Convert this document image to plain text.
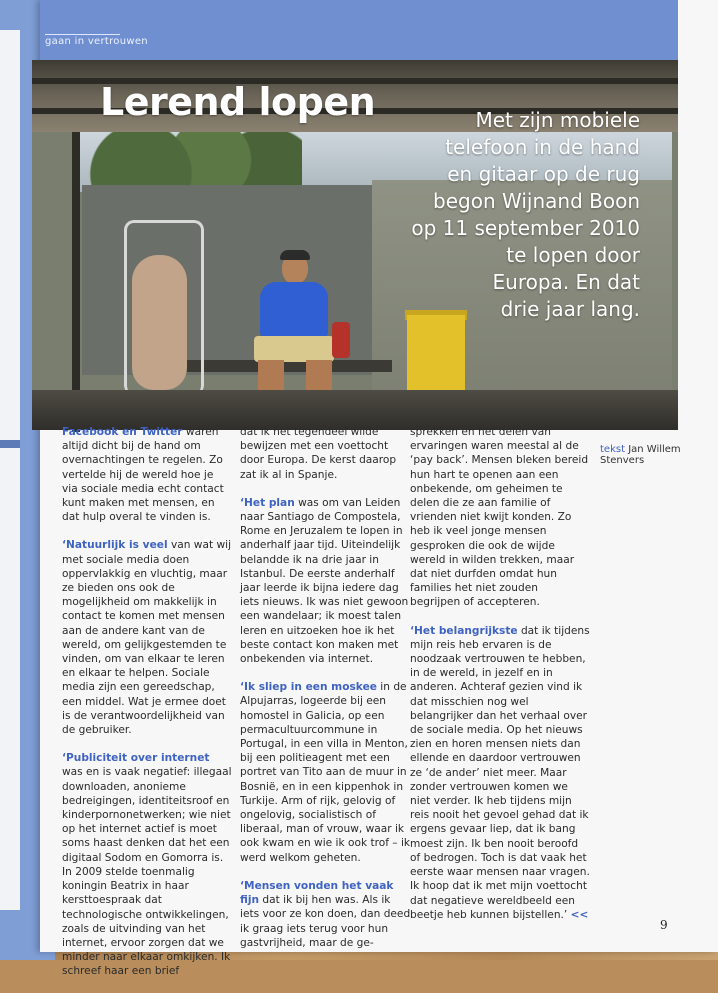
gaan in vertrouwen
Lerend lopen	Met zijn mobiele
telefoon in de hand
en gitaar op de rug
begon Wijnand Boon
op 11 september 2010
te lopen door
Europa. En dat
drie jaar lang.
tekst Jan Willem Stenvers

Facebook en Twitter waren altijd dicht bij de hand om overnachtingen te regelen. Zo vertelde hij de wereld hoe je via sociale media echt contact kunt maken met mensen, en dat hulp overal te vinden is.

‘Natuurlijk is veel van wat wij met sociale media doen oppervlakkig en vluchtig, maar ze bieden ons ook de mogelijkheid om makkelijk in contact te komen met mensen aan de andere kant van de wereld, om gelijkgestemden te vinden, om van elkaar te leren en elkaar te helpen. Sociale media zijn een gereedschap, een middel. Wat je ermee doet is de verantwoordelijkheid van de gebruiker.

‘Publiciteit over internet was en is vaak negatief: illegaal downloaden, anonieme bedreigingen, identiteitsroof en kinderpornonetwerken; wie niet op het internet actief is moet soms haast denken dat het een digitaal Sodom en Gomorra is. In 2009 stelde toenmalig koningin Beatrix in haar kersttoespraak dat technologische ontwikkelingen, zoals de uitvinding van het internet, ervoor zorgen dat we minder naar elkaar omkijken. Ik schreef haar een brief

dat ik het tegendeel wilde bewijzen met een voettocht door Europa. De kerst daarop zat ik al in Spanje.

‘Het plan was om van Leiden naar Santiago de Compostela, Rome en Jeruzalem te lopen in anderhalf jaar tijd. Uiteindelijk belandde ik na drie jaar in Istanbul. De eerste anderhalf jaar leerde ik bijna iedere dag iets nieuws. Ik was niet gewoon een wandelaar; ik moest talen leren en uitzoeken hoe ik het beste contact kon maken met onbekenden via internet.

‘Ik sliep in een moskee in de Alpujarras, logeerde bij een homostel in Galicia, op een permacultuurcommune in Portugal, in een villa in Menton, bij een politieagent met een portret van Tito aan de muur in Bosnië, en in een kippenhok in Turkije. Arm of rijk, gelovig of ongelovig, socialistisch of liberaal, man of vrouw, waar ik ook kwam en wie ik ook trof – ik werd welkom geheten.

‘Mensen vonden het vaak fijn dat ik bij hen was. Als ik iets voor ze kon doen, dan deed ik graag iets terug voor hun gastvrijheid, maar de ge-

sprekken en het delen van ervaringen waren meestal al de ‘pay back’. Mensen bleken bereid hun hart te openen aan een onbekende, om geheimen te delen die ze aan familie of vrienden niet kwijt konden. Zo heb ik veel jonge mensen gesproken die ook de wijde wereld in wilden trekken, maar dat niet durfden omdat hun families het niet zouden begrijpen of accepteren.

‘Het belangrijkste dat ik tijdens mijn reis heb ervaren is de noodzaak vertrouwen te hebben, in de wereld, in jezelf en in anderen. Achteraf gezien vind ik dat misschien nog wel belangrijker dan het verhaal over de sociale media. Op het nieuws zien en horen mensen niets dan ellende en daardoor vertrouwen ze ‘de ander’ niet meer. Maar zonder vertrouwen komen we niet verder. Ik heb tijdens mijn reis nooit het gevoel gehad dat ik ergens gevaar liep, dat ik bang moest zijn. Ik ben nooit beroofd of bedrogen. Toch is dat vaak het eerste waar mensen naar vragen. Ik hoop dat ik met mijn voettocht dat negatieve wereldbeeld een beetje heb kunnen bijstellen.’ <<

9
